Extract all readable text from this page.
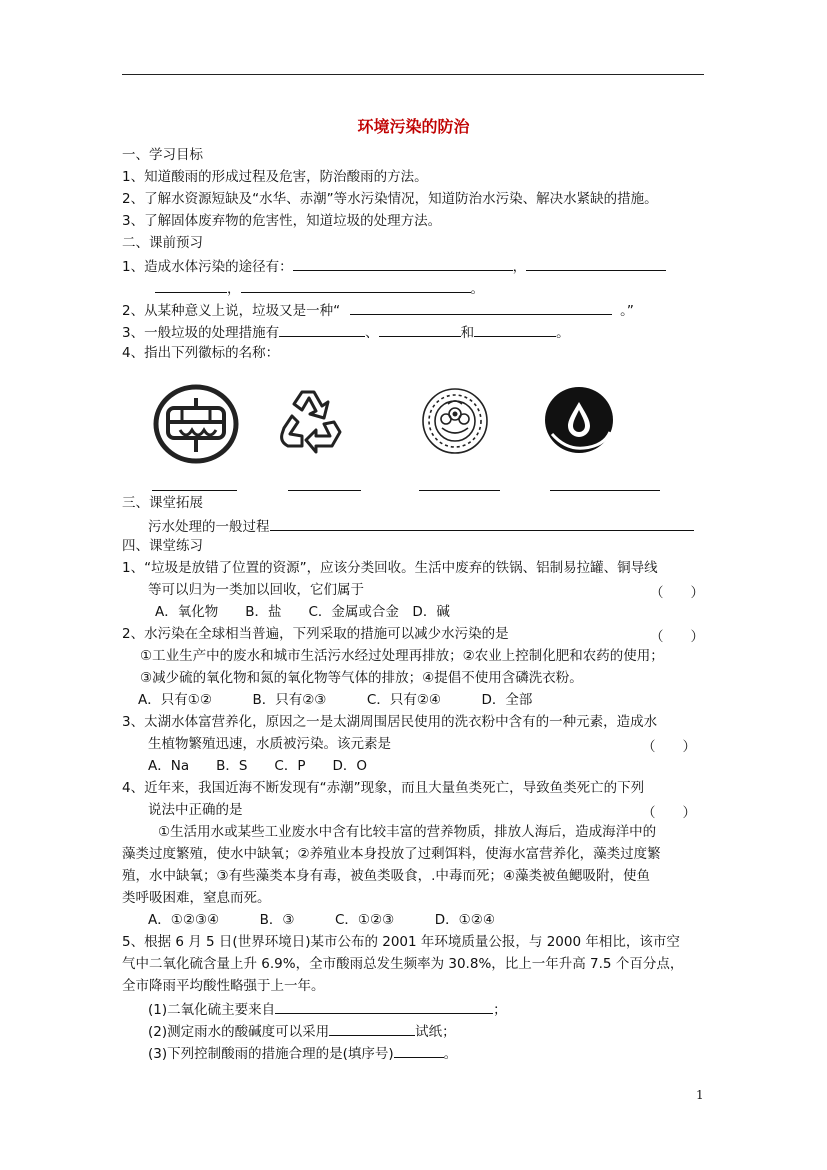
环境污染的防治
一、学习目标
1、知道酸雨的形成过程及危害，防治酸雨的方法。
2、了解水资源短缺及“水华、赤潮”等水污染情况，知道防治水污染、解决水紧缺的措施。
3、了解固体废弃物的危害性，知道垃圾的处理方法。
二、课前预习
1、造成水体污染的途径有：	，
，	。
2、从某种意义上说，垃圾又是一种“	。”
3、一般垃圾的处理措施有	、	和	。
4、指出下列徽标的名称：
三、课堂拓展
污水处理的一般过程
四、课堂练习
1、“垃圾是放错了位置的资源”，应该分类回收。生活中废弃的铁锅、铝制易拉罐、铜导线
等可以归为一类加以回收，它们属于	（　　）
A．氧化物　　B．盐　　C．金属或合金　D．碱
2、水污染在全球相当普遍，下列采取的措施可以减少水污染的是	（　　）
①工业生产中的废水和城市生活污水经过处理再排放；②农业上控制化肥和农药的使用；
③减少硫的氧化物和氮的氧化物等气体的排放；④提倡不使用含磷洗衣粉。
A．只有①②　　　B．只有②③　　　C．只有②④　　　D．全部
3、太湖水体富营养化，原因之一是太湖周围居民使用的洗衣粉中含有的一种元素，造成水
生植物繁殖迅速，水质被污染。该元素是	（　　）
A．Na　　B．S　　C．P　　D．O
4、近年来，我国近海不断发现有“赤潮”现象，而且大量鱼类死亡，导致鱼类死亡的下列
说法中正确的是	（　　）
①生活用水或某些工业废水中含有比较丰富的营养物质，排放人海后，造成海洋中的
藻类过度繁殖，使水中缺氧；②养殖业本身投放了过剩饵料，使海水富营养化，藻类过度繁
殖，水中缺氧；③有些藻类本身有毒，被鱼类吸食，.中毒而死；④藻类被鱼鳃吸附，使鱼
类呼吸困难，窒息而死。
A．①②③④　　　B．③　　　C．①②③　　　D．①②④
5、根据 6 月 5 日(世界环境日)某市公布的 2001 年环境质量公报，与 2000 年相比，该市空
气中二氧化硫含量上升 6.9%，全市酸雨总发生频率为 30.8%，比上一年升高 7.5 个百分点，
全市降雨平均酸性略强于上一年。
(1)二氧化硫主要来自	；
(2)测定雨水的酸碱度可以采用	试纸；
(3)下列控制酸雨的措施合理的是(填序号)	。
1
